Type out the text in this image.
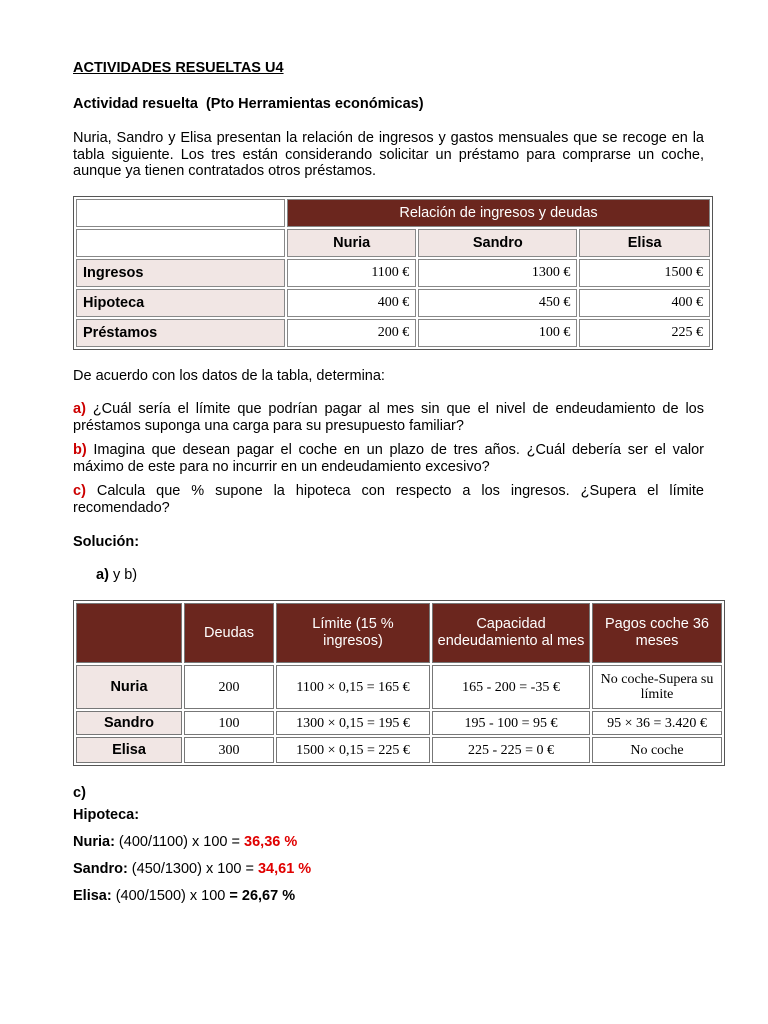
ACTIVIDADES RESUELTAS U4
Actividad resuelta  (Pto Herramientas económicas)
Nuria, Sandro y Elisa presentan la relación de ingresos y gastos mensuales que se recoge en la tabla siguiente. Los tres están considerando solicitar un préstamo para comprarse un coche,
aunque ya tienen contratados otros préstamos.
	Relación de ingresos y deudas		
	Nuria	Sandro	Elisa
Ingresos	1100 €	1300 €	1500 €
Hipoteca	400 €	450 €	400 €
Préstamos	200 €	100 €	225 €
De acuerdo con los datos de la tabla, determina:
a) ¿Cuál sería el límite que podrían pagar al mes sin que el nivel de endeudamiento de los préstamos suponga una carga para su presupuesto familiar?
b) Imagina que desean pagar el coche en un plazo de tres años. ¿Cuál debería ser el valor máximo de este para no incurrir en un endeudamiento excesivo?
c) Calcula que % supone la hipoteca con respecto a los ingresos. ¿Supera el límite recomendado?
Solución:
a) y b)
	Deudas	Límite (15 % ingresos)	Capacidad endeudamiento al mes	Pagos coche 36 meses
Nuria	200	1100 × 0,15 = 165 €	165 - 200 = -35 €	No coche-Supera su límite
Sandro	100	1300 × 0,15 = 195 €	195 - 100 = 95 €	95 × 36 = 3.420 €
Elisa	300	1500 × 0,15 = 225 €	225 - 225 = 0 €	No coche
c)
Hipoteca:
Nuria: (400/1100) x 100 = 36,36 %
Sandro: (450/1300) x 100 = 34,61 %
Elisa: (400/1500) x 100 = 26,67 %
